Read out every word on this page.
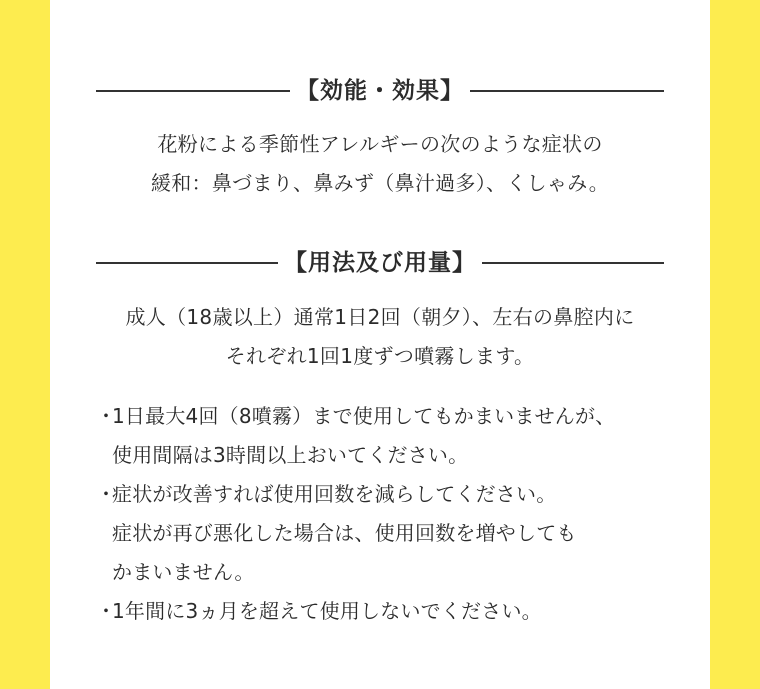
【効能・効果】
花粉による季節性アレルギーの次のような症状の
緩和：鼻づまり、鼻みず（鼻汁過多）、くしゃみ。
【用法及び用量】
成人（18歳以上）通常1日2回（朝夕）、左右の鼻腔内に
それぞれ1回1度ずつ噴霧します。
・
1日最大4回（8噴霧）まで使用してもかまいませんが、
使用間隔は3時間以上おいてください。
・
症状が改善すれば使用回数を減らしてください。
症状が再び悪化した場合は、使用回数を増やしても
かまいません。
・
1年間に3ヵ月を超えて使用しないでください。
